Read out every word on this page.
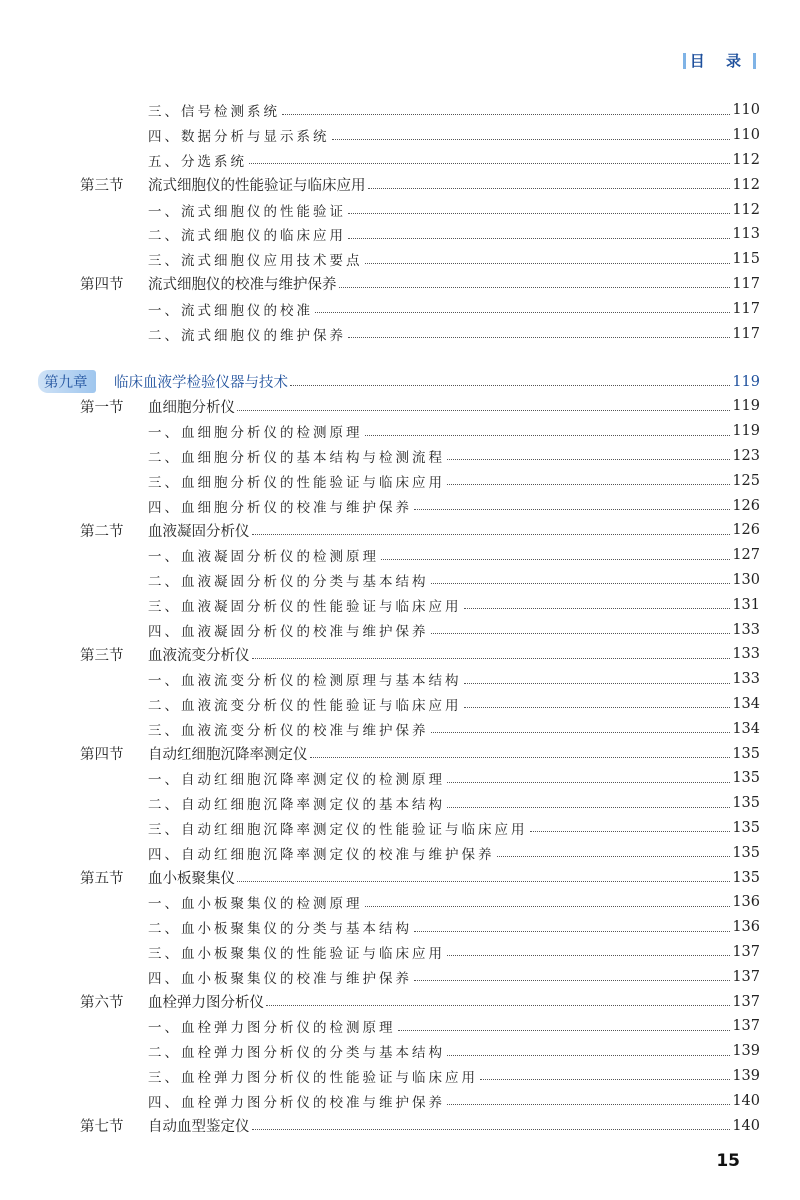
目 录
三、信号检测系统	110
四、数据分析与显示系统	110
五、分选系统	112
第三节 流式细胞仪的性能验证与临床应用	112
一、流式细胞仪的性能验证	112
二、流式细胞仪的临床应用	113
三、流式细胞仪应用技术要点	115
第四节 流式细胞仪的校准与维护保养	117
一、流式细胞仪的校准	117
二、流式细胞仪的维护保养	117
第九章	临床血液学检验仪器与技术	119
第一节 血细胞分析仪	119
一、血细胞分析仪的检测原理	119
二、血细胞分析仪的基本结构与检测流程	123
三、血细胞分析仪的性能验证与临床应用	125
四、血细胞分析仪的校准与维护保养	126
第二节 血液凝固分析仪	126
一、血液凝固分析仪的检测原理	127
二、血液凝固分析仪的分类与基本结构	130
三、血液凝固分析仪的性能验证与临床应用	131
四、血液凝固分析仪的校准与维护保养	133
第三节 血液流变分析仪	133
一、血液流变分析仪的检测原理与基本结构	133
二、血液流变分析仪的性能验证与临床应用	134
三、血液流变分析仪的校准与维护保养	134
第四节 自动红细胞沉降率测定仪	135
一、自动红细胞沉降率测定仪的检测原理	135
二、自动红细胞沉降率测定仪的基本结构	135
三、自动红细胞沉降率测定仪的性能验证与临床应用	135
四、自动红细胞沉降率测定仪的校准与维护保养	135
第五节 血小板聚集仪	135
一、血小板聚集仪的检测原理	136
二、血小板聚集仪的分类与基本结构	136
三、血小板聚集仪的性能验证与临床应用	137
四、血小板聚集仪的校准与维护保养	137
第六节 血栓弹力图分析仪	137
一、血栓弹力图分析仪的检测原理	137
二、血栓弹力图分析仪的分类与基本结构	139
三、血栓弹力图分析仪的性能验证与临床应用	139
四、血栓弹力图分析仪的校准与维护保养	140
第七节 自动血型鉴定仪	140
15
